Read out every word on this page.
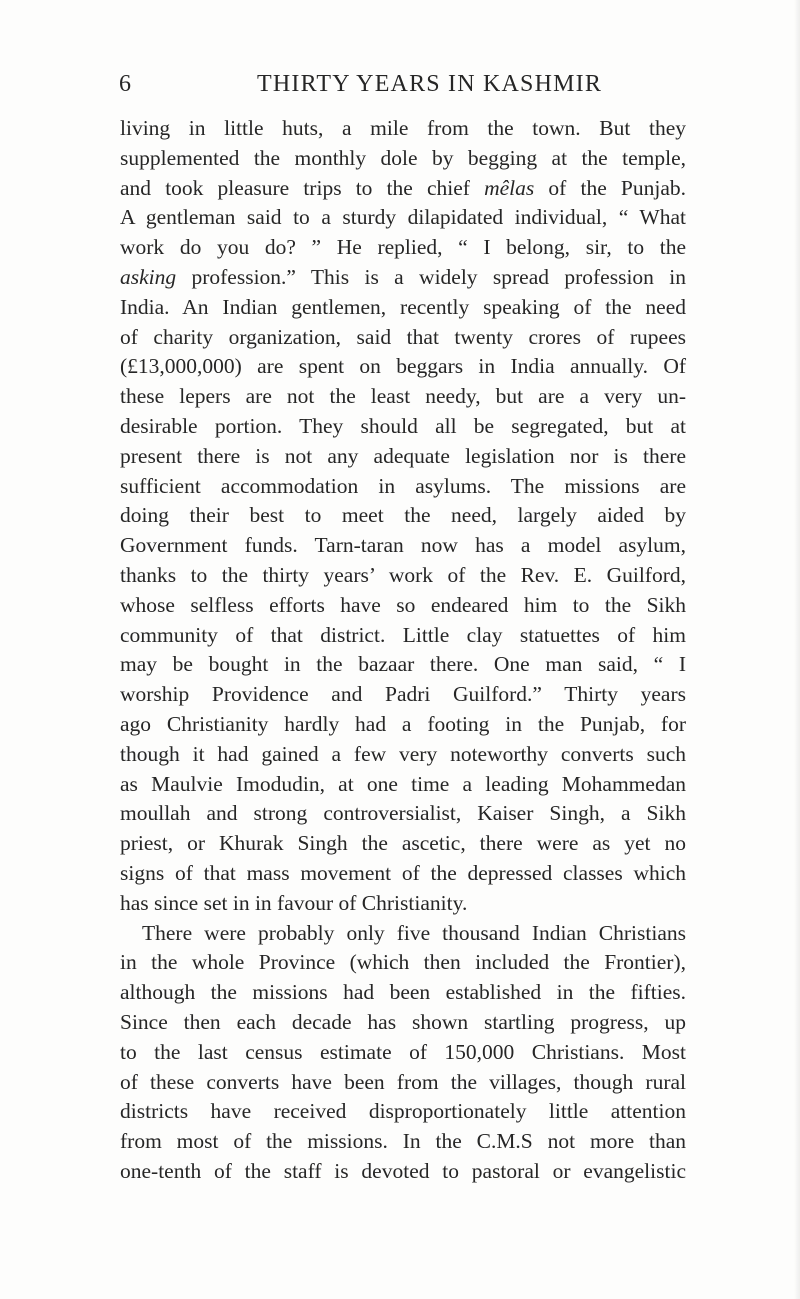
6	THIRTY YEARS IN KASHMIR
living in little huts, a mile from the town. But they
supplemented the monthly dole by begging at the temple,
and took pleasure trips to the chief mêlas of the Punjab.
A gentleman said to a sturdy dilapidated individual, “ What
work do you do? ” He replied, “ I belong, sir, to the
asking profession.” This is a widely spread profession in
India. An Indian gentlemen, recently speaking of the need
of charity organization, said that twenty crores of rupees
(£13,000,000) are spent on beggars in India annually. Of
these lepers are not the least needy, but are a very un-
desirable portion. They should all be segregated, but at
present there is not any adequate legislation nor is there
sufficient accommodation in asylums. The missions are
doing their best to meet the need, largely aided by
Government funds. Tarn-taran now has a model asylum,
thanks to the thirty years’ work of the Rev. E. Guilford,
whose selfless efforts have so endeared him to the Sikh
community of that district. Little clay statuettes of him
may be bought in the bazaar there. One man said, “ I
worship Providence and Padri Guilford.” Thirty years
ago Christianity hardly had a footing in the Punjab, for
though it had gained a few very noteworthy converts such
as Maulvie Imodudin, at one time a leading Mohammedan
moullah and strong controversialist, Kaiser Singh, a Sikh
priest, or Khurak Singh the ascetic, there were as yet no
signs of that mass movement of the depressed classes which
has since set in in favour of Christianity.
There were probably only five thousand Indian Christians
in the whole Province (which then included the Frontier),
although the missions had been established in the fifties.
Since then each decade has shown startling progress, up
to the last census estimate of 150,000 Christians. Most
of these converts have been from the villages, though rural
districts have received disproportionately little attention
from most of the missions. In the C.M.S not more than
one-tenth of the staff is devoted to pastoral or evangelistic
